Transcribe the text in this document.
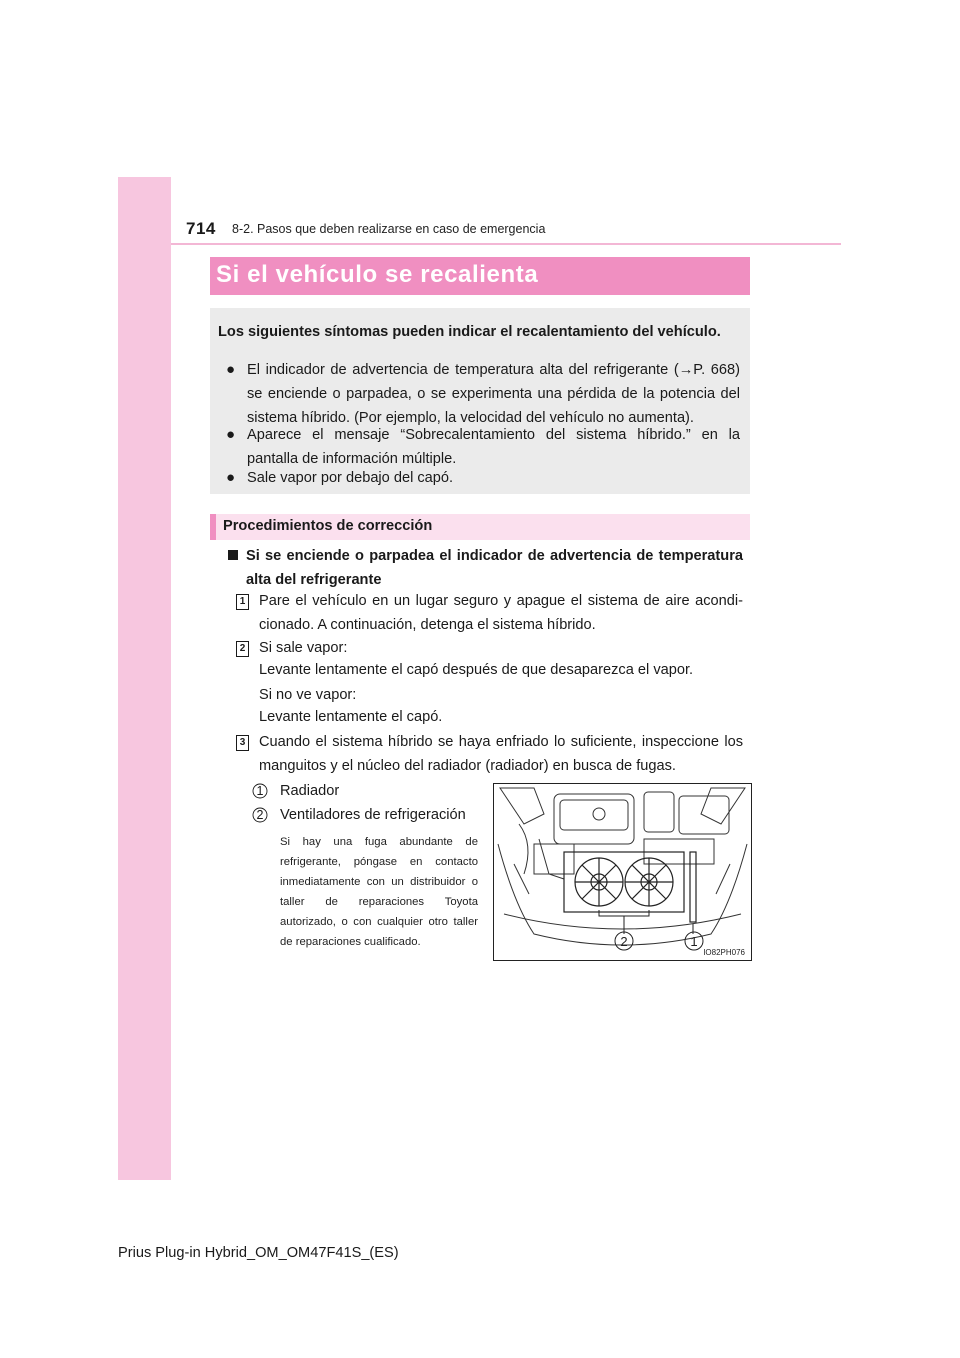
714 8-2. Pasos que deben realizarse en caso de emergencia
Si el vehículo se recalienta
Los siguientes síntomas pueden indicar el recalentamiento del vehículo.
● El indicador de advertencia de temperatura alta del refrigerante (→P. 668) se enciende o parpadea, o se experimenta una pérdida de la potencia del sistema híbrido. (Por ejemplo, la velocidad del vehículo no aumenta).
● Aparece el mensaje “Sobrecalentamiento del sistema híbrido.” en la pantalla de información múltiple.
● Sale vapor por debajo del capó.
Procedimientos de corrección
Si se enciende o parpadea el indicador de advertencia de temperatura alta del refrigerante
1 Pare el vehículo en un lugar seguro y apague el sistema de aire acondicionado. A continuación, detenga el sistema híbrido.
2 Si sale vapor:
Levante lentamente el capó después de que desaparezca el vapor.
Si no ve vapor:
Levante lentamente el capó.
3 Cuando el sistema híbrido se haya enfriado lo suficiente, inspeccione los manguitos y el núcleo del radiador (radiador) en busca de fugas.
1	Radiador
2	Ventiladores de refrigeración
Si hay una fuga abundante de refrigerante, póngase en contacto inmediatamente con un distribuidor o taller de reparaciones Toyota autorizado, o con cualquier otro taller de reparaciones cualificado.	2	1
IO82PH076
Prius Plug-in Hybrid_OM_OM47F41S_(ES)
